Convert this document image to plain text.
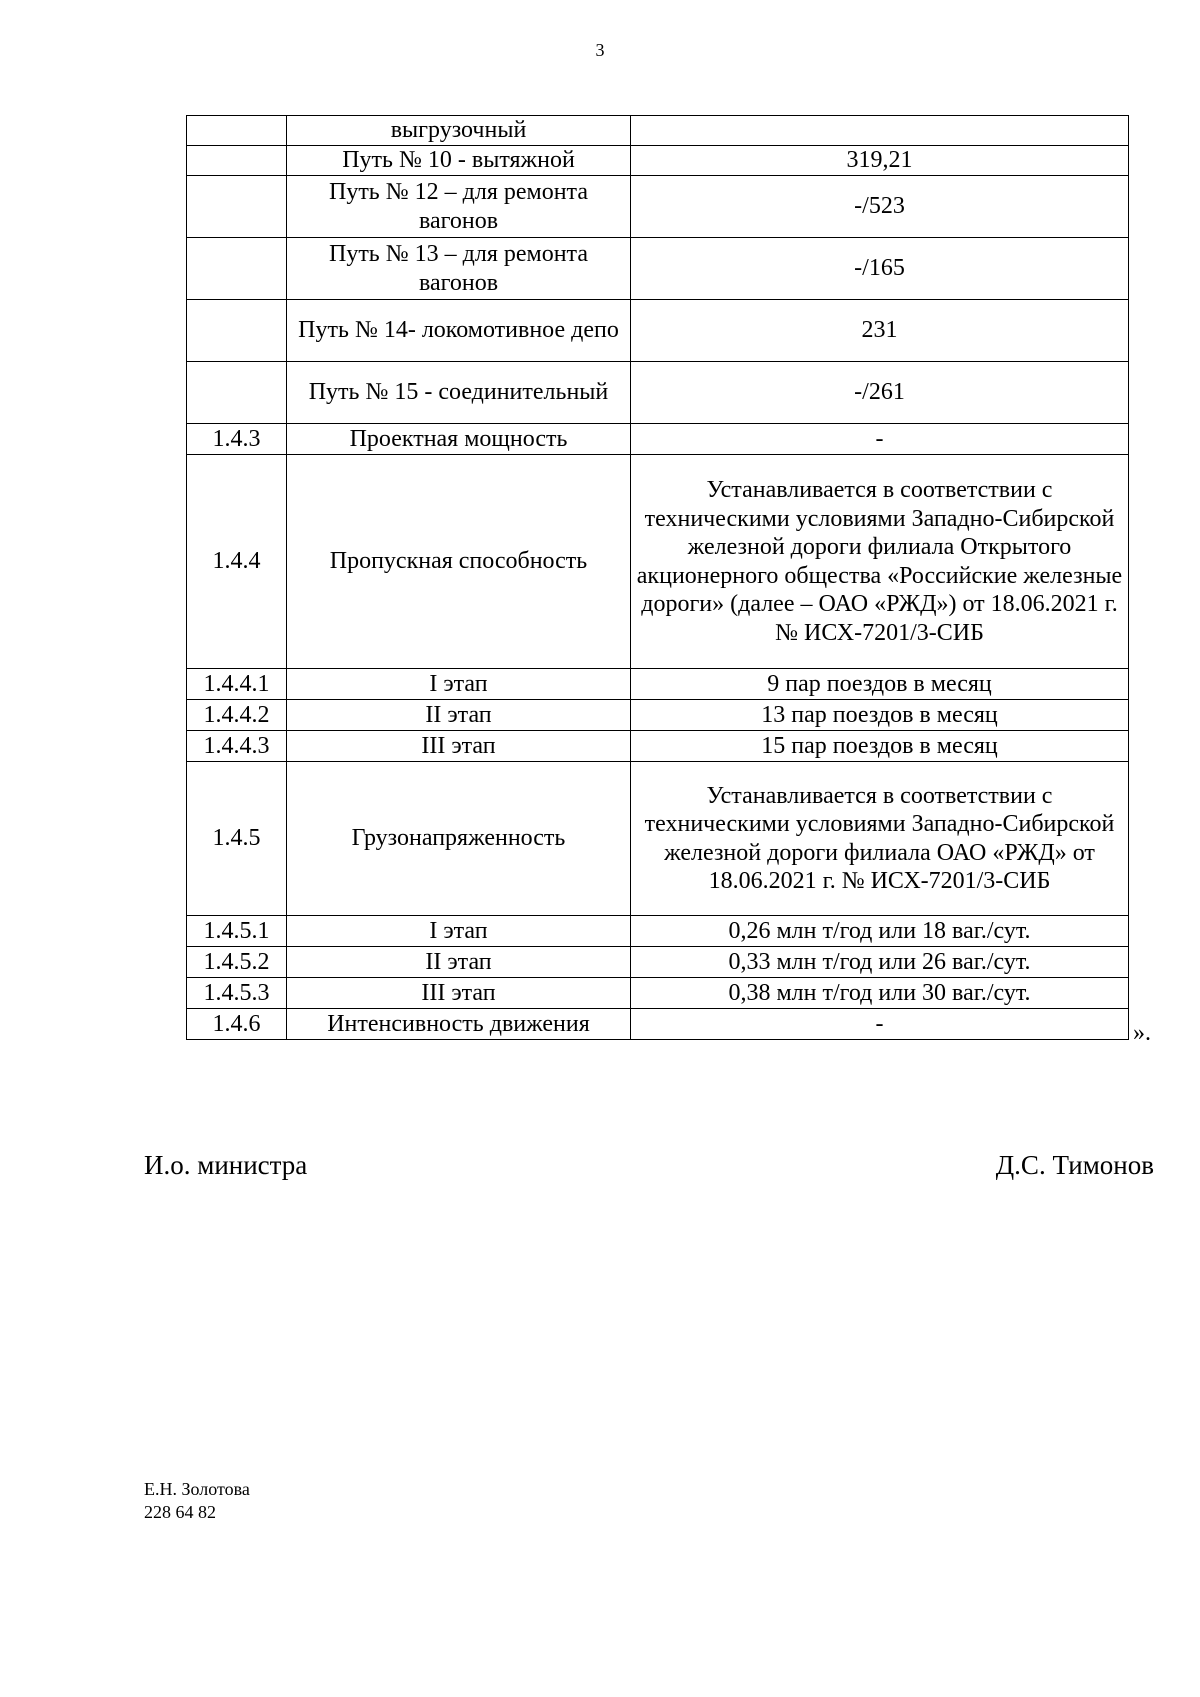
3
	выгрузочный	
	Путь № 10 - вытяжной	319,21
	Путь № 12 – для ремонта вагонов	-/523
	Путь № 13 – для ремонта вагонов	-/165
	Путь № 14- локомотивное депо	231
	Путь № 15 - соединительный	-/261
1.4.3	Проектная мощность	-
1.4.4	Пропускная способность	Устанавливается в соответствии с техническими условиями Западно-Сибирской железной дороги филиала Открытого акционерного общества «Российские железные дороги» (далее – ОАО «РЖД») от 18.06.2021 г. № ИСХ-7201/3-СИБ
1.4.4.1	I этап	9 пар поездов в месяц
1.4.4.2	II этап	13 пар поездов в месяц
1.4.4.3	III этап	15 пар поездов в месяц
1.4.5	Грузонапряженность	Устанавливается в соответствии с техническими условиями Западно-Сибирской железной дороги филиала ОАО «РЖД» от 18.06.2021 г. № ИСХ-7201/3-СИБ
1.4.5.1	I этап	0,26 млн т/год или 18 ваг./сут.
1.4.5.2	II этап	0,33 млн т/год или 26 ваг./сут.
1.4.5.3	III этап	0,38 млн т/год или 30 ваг./сут.
1.4.6	Интенсивность движения	-	».
И.о. министра	Д.С. Тимонов
Е.Н. Золотова
228 64 82
